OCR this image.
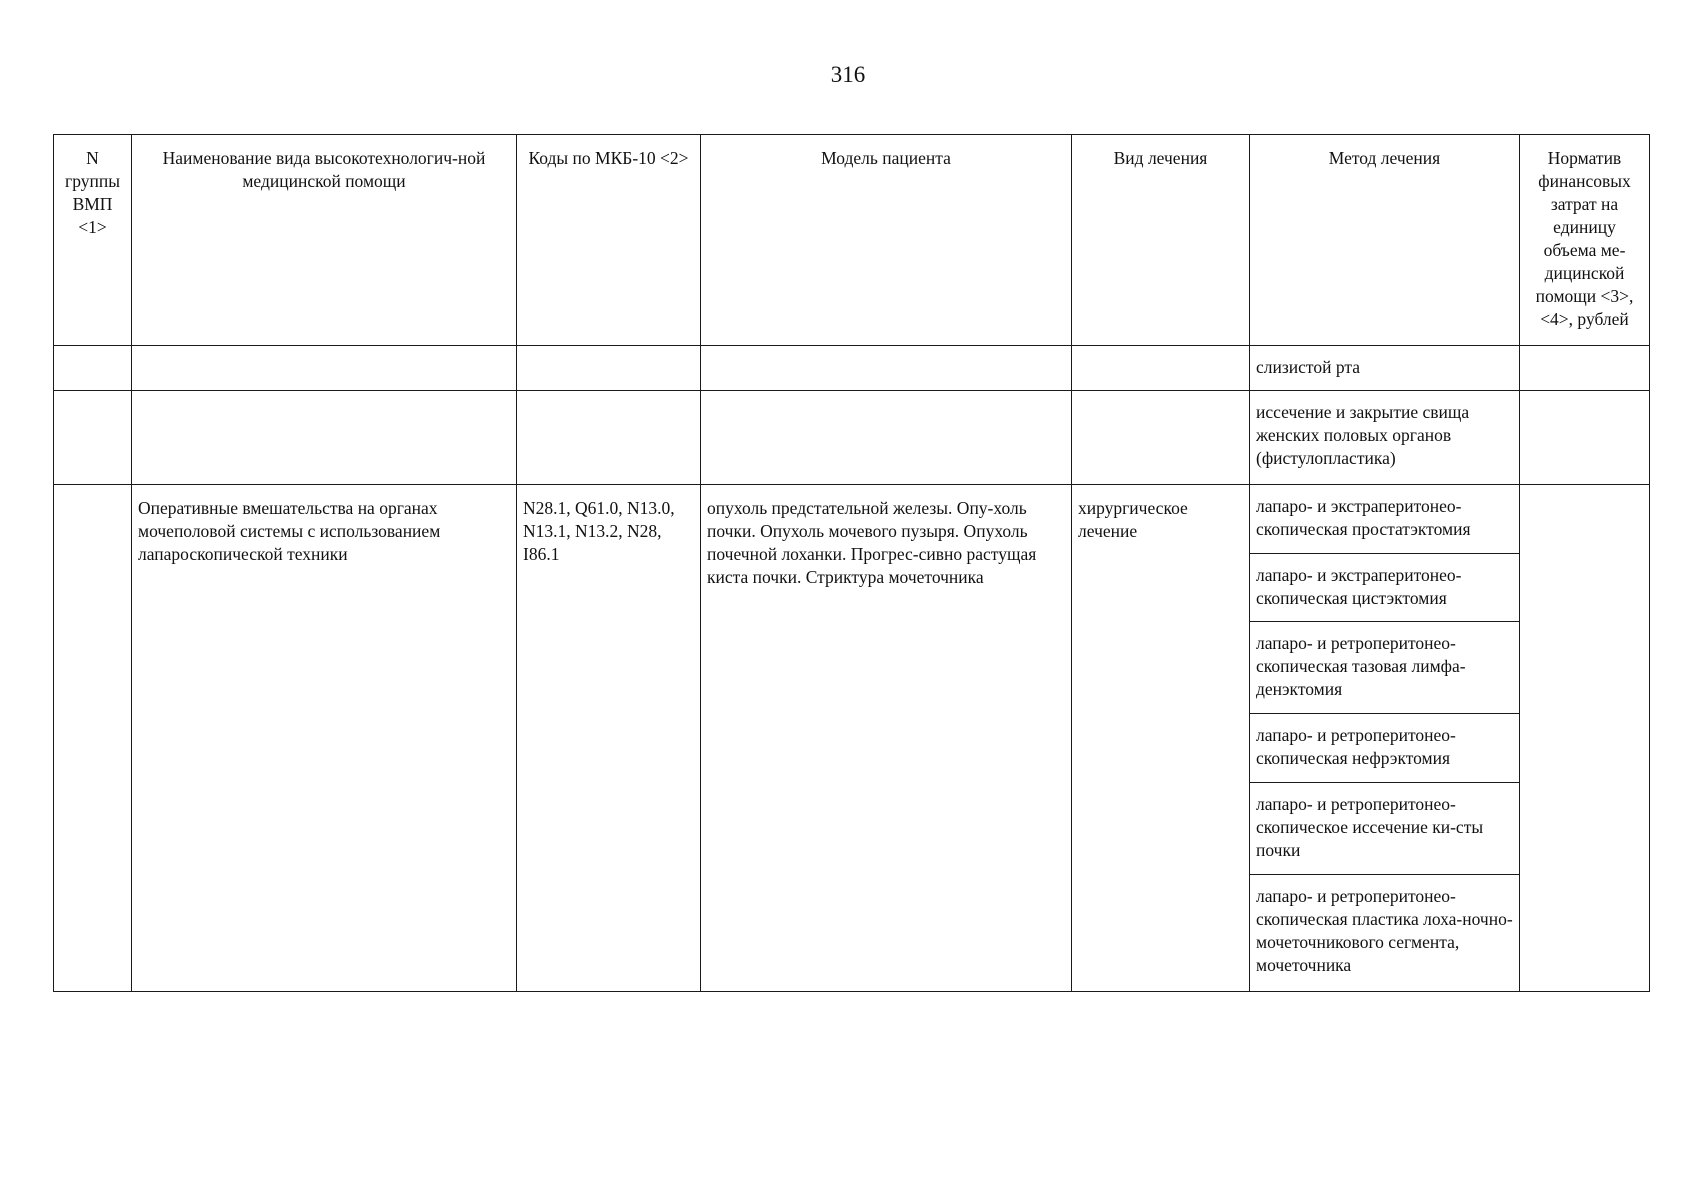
316
N группы ВМП <1>	Наименование вида высокотехнологич-ной медицинской помощи	Коды по МКБ-10 <2>	Модель пациента	Вид лечения	Метод лечения	Норматив финансовых затрат на единицу объема ме-дицинской помощи <3>, <4>, рублей
					слизистой рта	
					иссечение и закрытие свища женских половых органов (фистулопластика)	
	Оперативные вмешательства на органах мочеполовой системы с использованием лапароскопической техники	N28.1, Q61.0, N13.0, N13.1, N13.2, N28, I86.1	опухоль предстательной железы. Опу-холь почки. Опухоль мочевого пузыря. Опухоль почечной лоханки. Прогрес-сивно растущая киста почки. Стриктура мочеточника	хирургическое лечение	лапаро- и экстраперитонео-скопическая простатэктомия	
					лапаро- и экстраперитонео-скопическая цистэктомия	
					лапаро- и ретроперитонео-скопическая тазовая лимфа-денэктомия	
					лапаро- и ретроперитонео-скопическая нефрэктомия	
					лапаро- и ретроперитонео-скопическое иссечение ки-сты почки	
					лапаро- и ретроперитонео-скопическая пластика лоха-ночно-мочеточникового сегмента, мочеточника	
